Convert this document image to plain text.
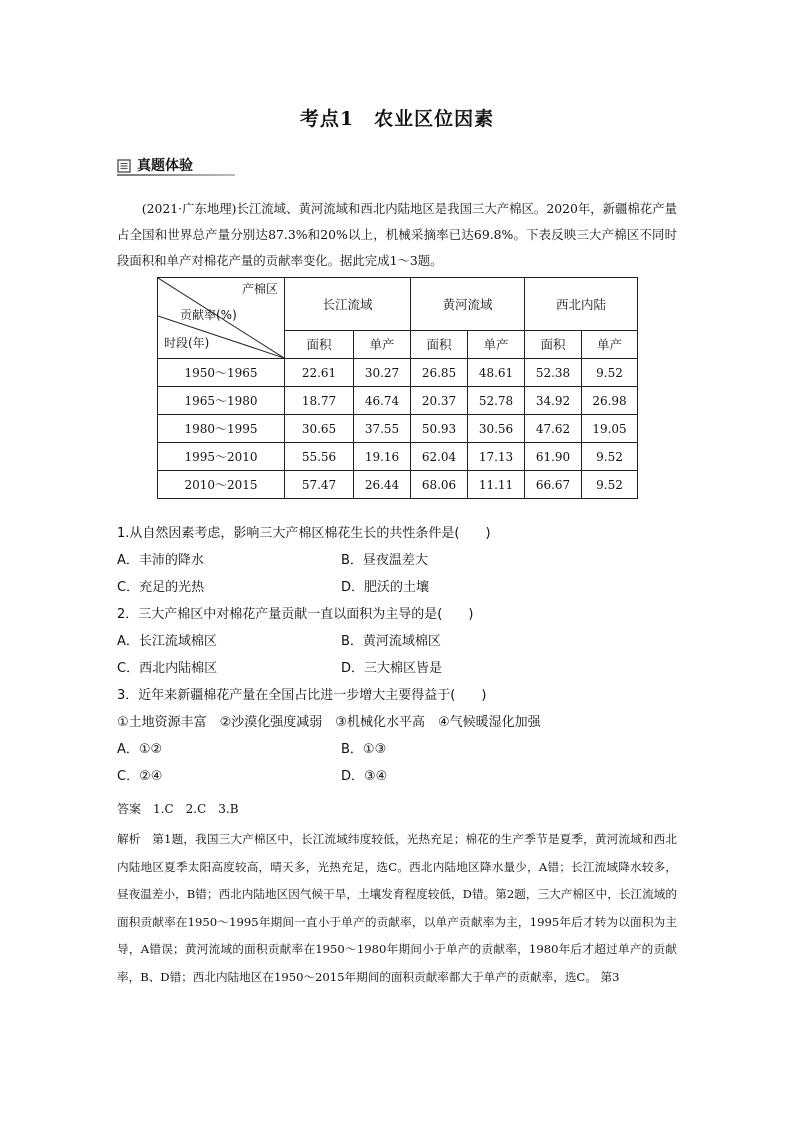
考点1　农业区位因素
真题体验

(2021·广东地理)长江流域、黄河流域和西北内陆地区是我国三大产棉区。2020年，新疆棉花产量占全国和世界总产量分别达87.3%和20%以上，机械采摘率已达69.8%。下表反映三大产棉区不同时段面积和单产对棉花产量的贡献率变化。据此完成1～3题。

产棉区
贡献率(%)
时段(年)	长江流域		黄河流域		西北内陆	
	面积	单产	面积	单产	面积	单产
1950～1965	22.61	30.27	26.85	48.61	52.38	9.52
1965～1980	18.77	46.74	20.37	52.78	34.92	26.98
1980～1995	30.65	37.55	50.93	30.56	47.62	19.05
1995～2010	55.56	19.16	62.04	17.13	61.90	9.52
2010～2015	57.47	26.44	68.06	11.11	66.67	9.52
1.从自然因素考虑，影响三大产棉区棉花生长的共性条件是(　　)
A．丰沛的降水	B．昼夜温差大
C．充足的光热	D．肥沃的土壤
2．三大产棉区中对棉花产量贡献一直以面积为主导的是(　　)
A．长江流域棉区	B．黄河流域棉区
C．西北内陆棉区	D．三大棉区皆是
3．近年来新疆棉花产量在全国占比进一步增大主要得益于(　　)
①土地资源丰富　②沙漠化强度减弱　③机械化水平高　④气候暖湿化加强
A．①②	B．①③
C．②④	D．③④
答案　1.C　2.C　3.B
解析　第1题，我国三大产棉区中，长江流域纬度较低，光热充足；棉花的生产季节是夏季，黄河流域和西北内陆地区夏季太阳高度较高，晴天多，光热充足，选C。西北内陆地区降水量少，A错；长江流域降水较多，昼夜温差小，B错；西北内陆地区因气候干旱，土壤发育程度较低，D错。第2题，三大产棉区中，长江流域的面积贡献率在1950～1995年期间一直小于单产的贡献率，以单产贡献率为主，1995年后才转为以面积为主导，A错误；黄河流域的面积贡献率在1950～1980年期间小于单产的贡献率，1980年后才超过单产的贡献率，B、D错；西北内陆地区在1950～2015年期间的面积贡献率都大于单产的贡献率，选C。 第3
